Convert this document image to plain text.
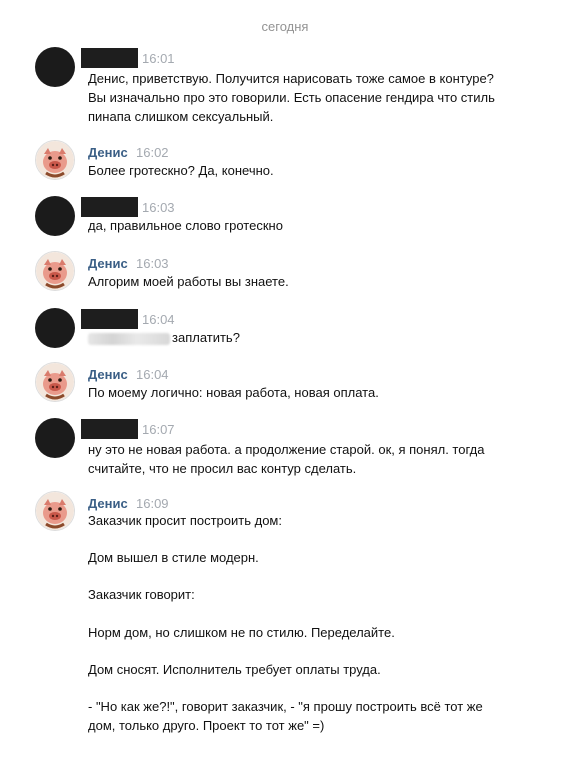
сегодня
16:01
Денис, приветствую. Получится нарисовать тоже самое в контуре? Вы изначально про это говорили. Есть опасение гендира что стиль пинапа слишком сексуальный.
Денис 16:02
Более гротескно? Да, конечно.
16:03
да, правильное слово гротескно
Денис 16:03
Алгорим моей работы вы знаете.
16:04
заплатить?
Денис 16:04
По моему логично: новая работа, новая оплата.
16:07
ну это не новая работа. а продолжение старой. ок, я понял. тогда считайте, что не просил вас контур сделать.
Денис 16:09
Заказчик просит построить дом:

Дом вышел в стиле модерн.

Заказчик говорит:

Норм дом, но слишком не по стилю. Переделайте.

Дом сносят. Исполнитель требует оплаты труда.

- "Но как же?!", говорит заказчик, - "я прошу построить всё тот же дом, только друго. Проект то тот же" =)
